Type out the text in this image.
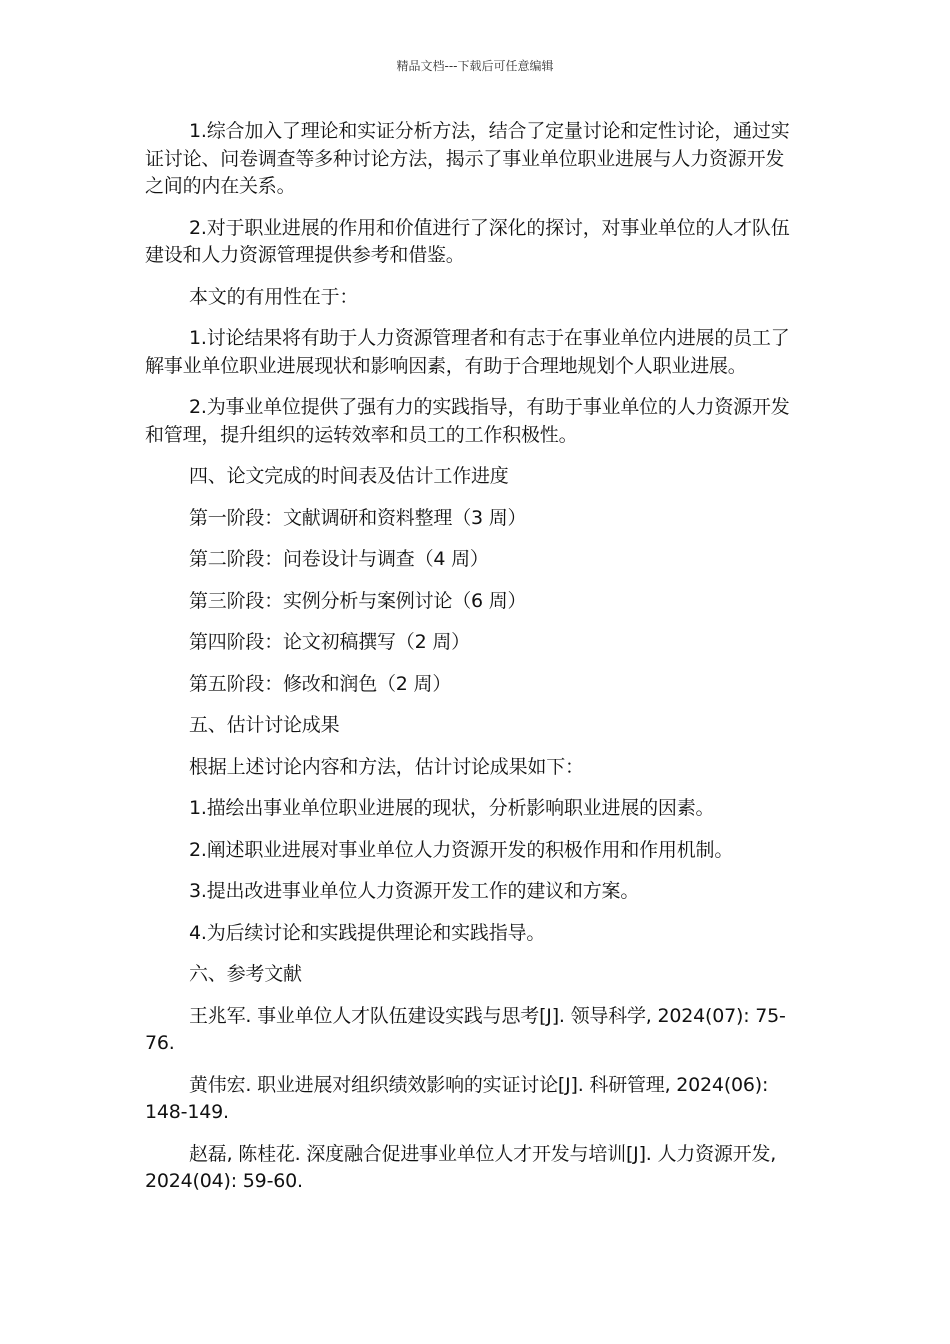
精品文档---下载后可任意编辑

1.综合加入了理论和实证分析方法，结合了定量讨论和定性讨论，通过实证讨论、问卷调查等多种讨论方法，揭示了事业单位职业进展与人力资源开发之间的内在关系。

2.对于职业进展的作用和价值进行了深化的探讨，对事业单位的人才队伍建设和人力资源管理提供参考和借鉴。

本文的有用性在于：

1.讨论结果将有助于人力资源管理者和有志于在事业单位内进展的员工了解事业单位职业进展现状和影响因素，有助于合理地规划个人职业进展。

2.为事业单位提供了强有力的实践指导，有助于事业单位的人力资源开发和管理，提升组织的运转效率和员工的工作积极性。

四、论文完成的时间表及估计工作进度

第一阶段：文献调研和资料整理（3 周）

第二阶段：问卷设计与调查（4 周）

第三阶段：实例分析与案例讨论（6 周）

第四阶段：论文初稿撰写（2 周）

第五阶段：修改和润色（2 周）

五、估计讨论成果

根据上述讨论内容和方法，估计讨论成果如下：

1.描绘出事业单位职业进展的现状，分析影响职业进展的因素。

2.阐述职业进展对事业单位人力资源开发的积极作用和作用机制。

3.提出改进事业单位人力资源开发工作的建议和方案。

4.为后续讨论和实践提供理论和实践指导。

六、参考文献

王兆军. 事业单位人才队伍建设实践与思考[J]. 领导科学, 2024(07): 75-76.

黄伟宏. 职业进展对组织绩效影响的实证讨论[J]. 科研管理, 2024(06): 148-149.

赵磊, 陈桂花. 深度融合促进事业单位人才开发与培训[J]. 人力资源开发, 2024(04): 59-60.
